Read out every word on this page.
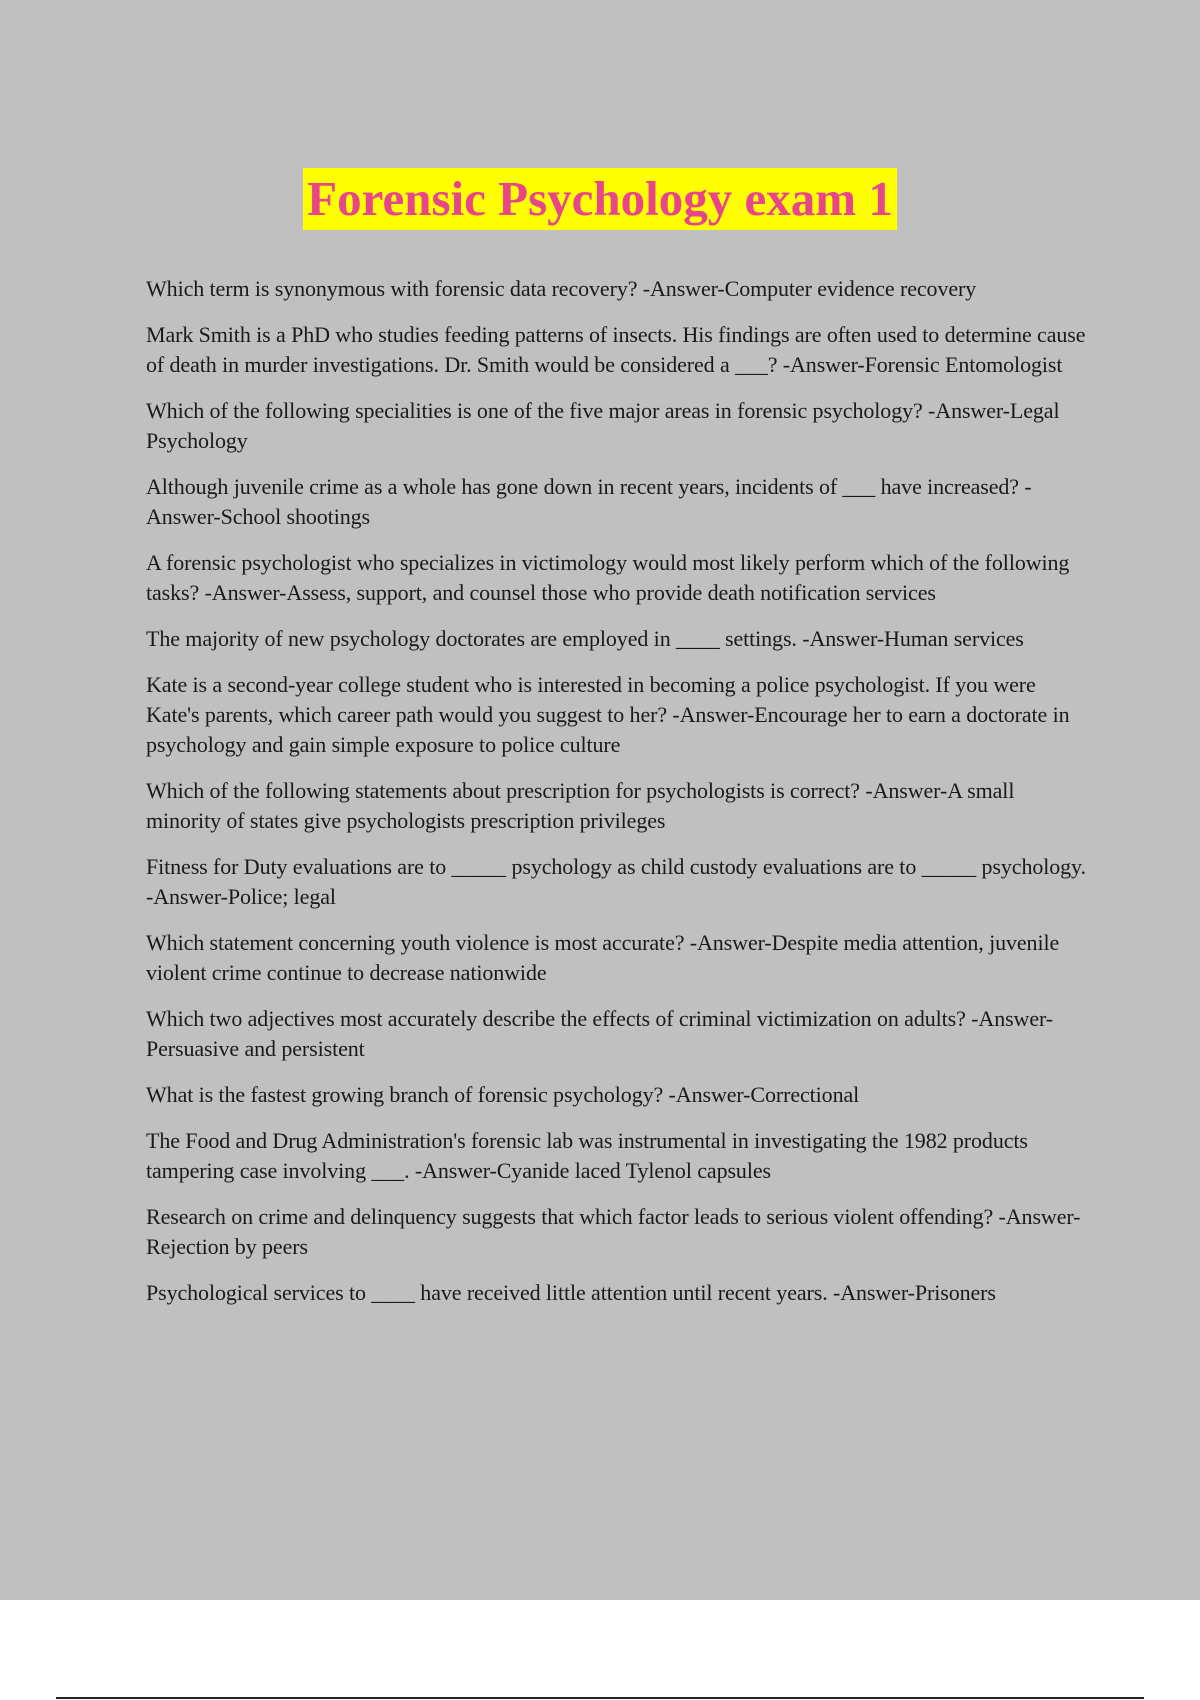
Forensic Psychology exam 1

Which term is synonymous with forensic data recovery? -Answer-Computer evidence recovery

Mark Smith is a PhD who studies feeding patterns of insects. His findings are often used to determine cause of death in murder investigations. Dr. Smith would be considered a ___? -Answer-Forensic Entomologist

Which of the following specialities is one of the five major areas in forensic psychology? -Answer-Legal Psychology

Although juvenile crime as a whole has gone down in recent years, incidents of ___ have increased? -Answer-School shootings

A forensic psychologist who specializes in victimology would most likely perform which of the following tasks? -Answer-Assess, support, and counsel those who provide death notification services

The majority of new psychology doctorates are employed in ____ settings. -Answer-Human services

Kate is a second-year college student who is interested in becoming a police psychologist. If you were Kate's parents, which career path would you suggest to her? -Answer-Encourage her to earn a doctorate in psychology and gain simple exposure to police culture

Which of the following statements about prescription for psychologists is correct? -Answer-A small minority of states give psychologists prescription privileges

Fitness for Duty evaluations are to _____ psychology as child custody evaluations are to _____ psychology. -Answer-Police; legal

Which statement concerning youth violence is most accurate? -Answer-Despite media attention, juvenile violent crime continue to decrease nationwide

Which two adjectives most accurately describe the effects of criminal victimization on adults? -Answer-Persuasive and persistent

What is the fastest growing branch of forensic psychology? -Answer-Correctional

The Food and Drug Administration's forensic lab was instrumental in investigating the 1982 products tampering case involving ___. -Answer-Cyanide laced Tylenol capsules

Research on crime and delinquency suggests that which factor leads to serious violent offending? -Answer-Rejection by peers

Psychological services to ____ have received little attention until recent years. -Answer-Prisoners
